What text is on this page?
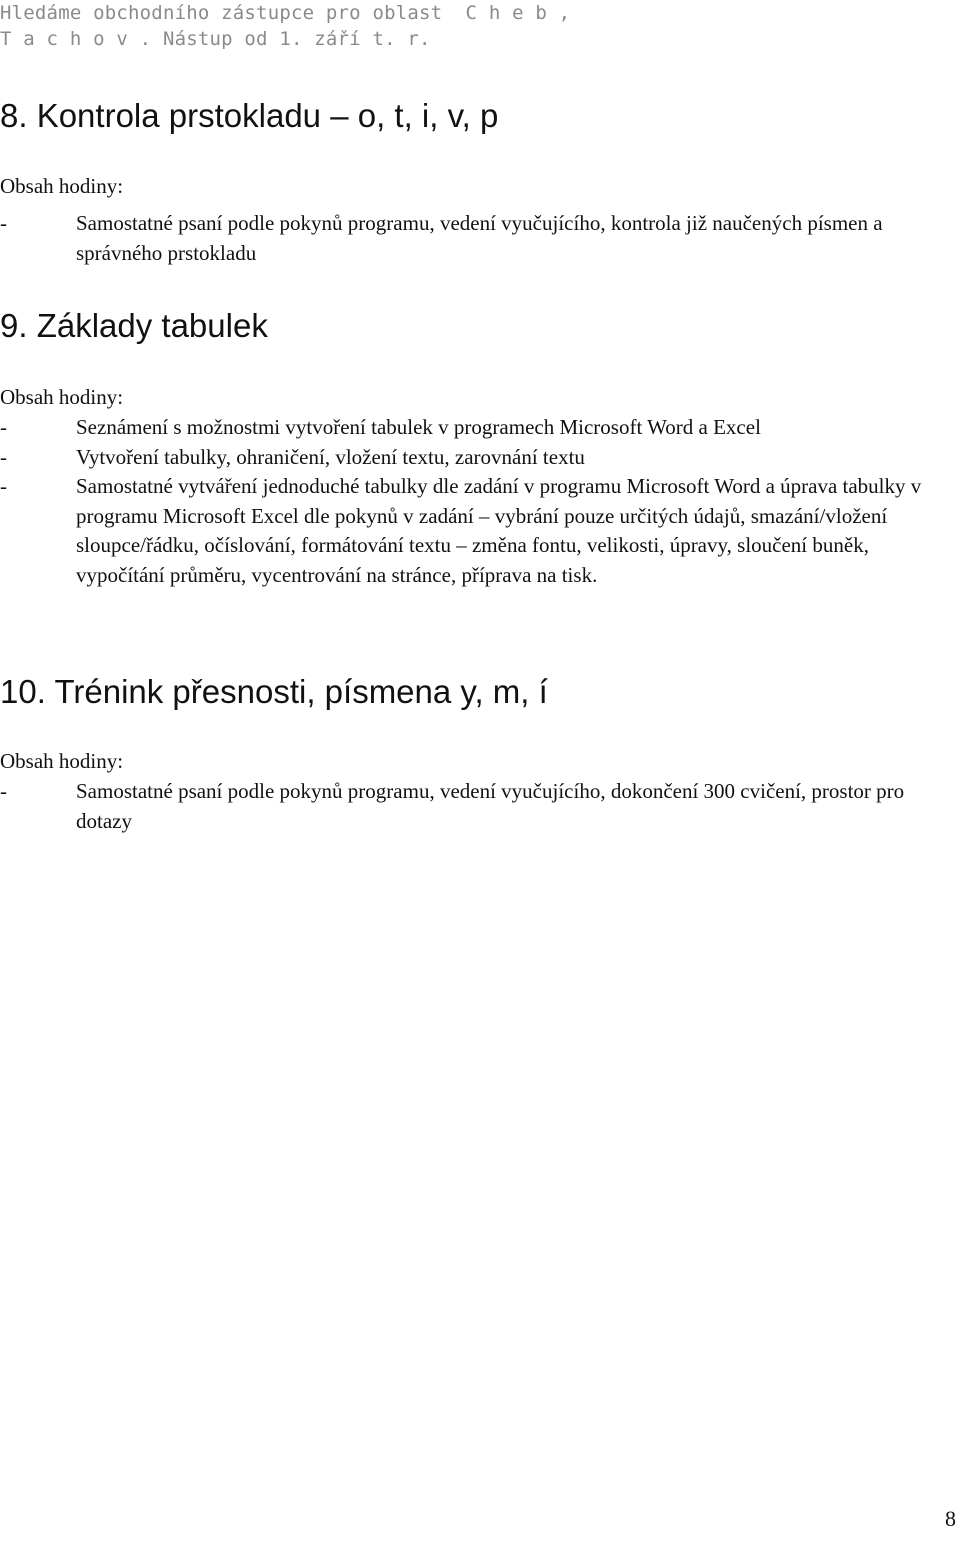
Hledáme obchodního zástupce pro oblast  C h e b ,
T a c h o v . Nástup od 1. září t. r.
8. Kontrola prstokladu – o, t, i, v, p
Obsah hodiny:
-	Samostatné psaní podle pokynů programu, vedení vyučujícího, kontrola již naučených písmen a správného prstokladu
9. Základy tabulek
Obsah hodiny:
-	Seznámení s možnostmi vytvoření tabulek v programech Microsoft Word a Excel
-	Vytvoření tabulky, ohraničení, vložení textu, zarovnání textu
-	Samostatné vytváření jednoduché tabulky dle zadání v programu Microsoft Word a úprava tabulky v programu Microsoft Excel dle pokynů v zadání – vybrání pouze určitých údajů, smazání/vložení sloupce/řádku, očíslování, formátování textu – změna fontu, velikosti, úpravy, sloučení buněk, vypočítání průměru, vycentrování na stránce, příprava na tisk.
10. Trénink přesnosti, písmena y, m, í
Obsah hodiny:
-	Samostatné psaní podle pokynů programu, vedení vyučujícího, dokončení 300 cvičení, prostor pro dotazy
8
